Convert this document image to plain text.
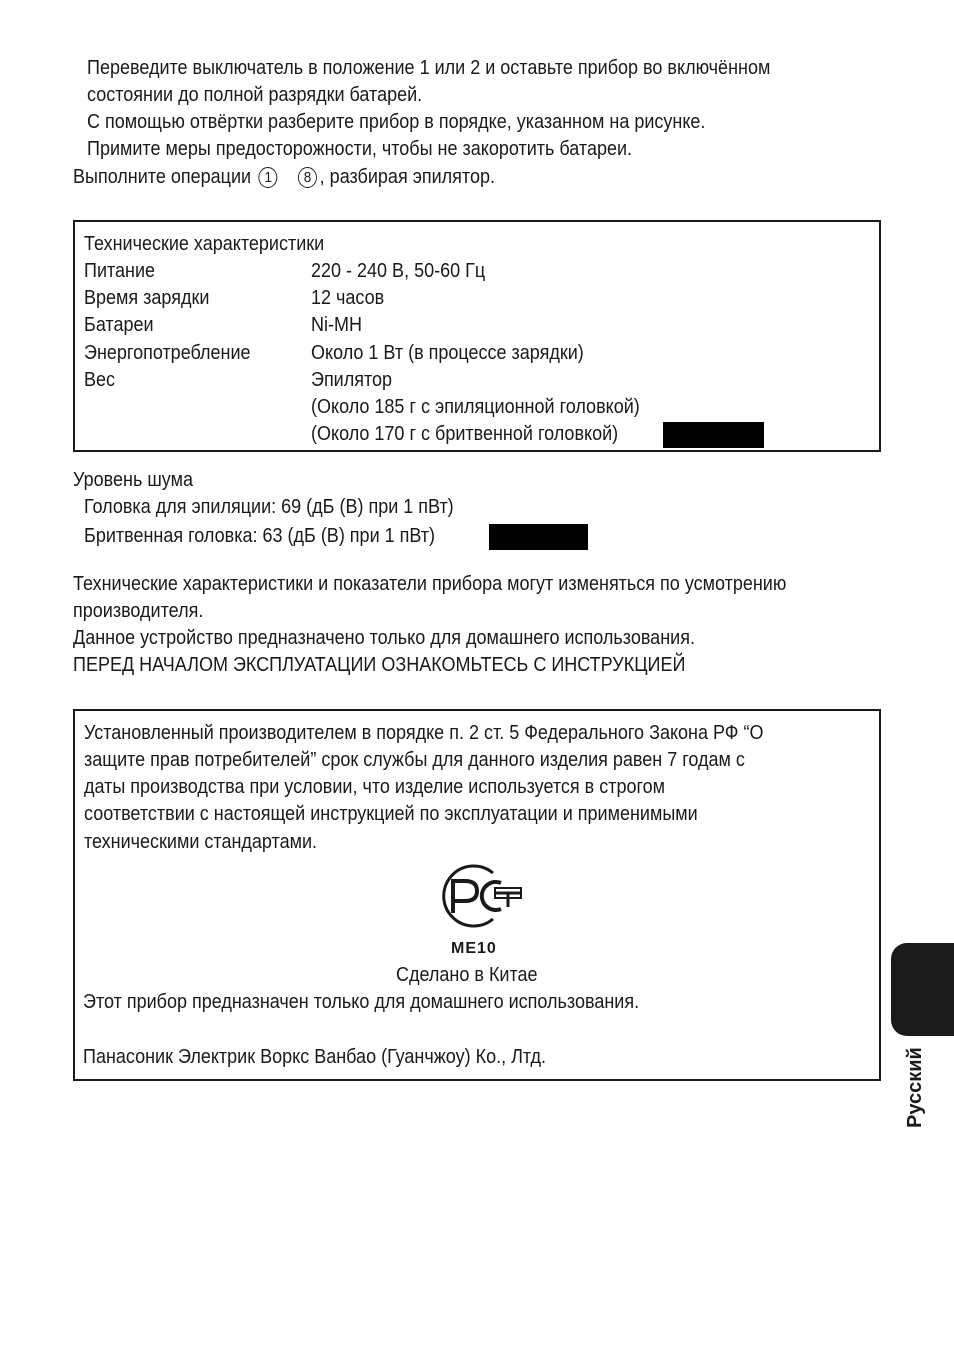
Переведите выключатель в положение 1 или 2 и оставьте прибор во включённом
состоянии до полной разрядки батарей.
С помощью отвёртки разберите прибор в порядке, указанном на рисунке.
Примите меры предосторожности, чтобы не закоротить батареи.
Выполните операции 1 8 , разбирая эпилятор.
Технические характеристики
Питание	220 - 240 В, 50-60 Гц
Время зарядки	12 часов
Батареи	Ni-MH
Энергопотребление	Около 1 Вт (в процессе зарядки)
Вес	Эпилятор
(Около 185 г с эпиляционной головкой)
(Около 170 г с бритвенной головкой)
Уровень шума
Головка для эпиляции: 69 (дБ (В) при 1 пВт)
Бритвенная головка: 63 (дБ (В) при 1 пВт)
Технические характеристики и показатели прибора могут изменяться по усмотрению
производителя.
Данное устройство предназначено только для домашнего использования.
ПЕРЕД НАЧАЛОМ ЭКСПЛУАТАЦИИ ОЗНАКОМЬТЕСЬ С ИНСТРУКЦИЕЙ
Установленный производителем в порядке п. 2 ст. 5 Федерального Закона РФ “О
защите прав потребителей” срок службы для данного изделия равен 7 годам с
даты производства при условии, что изделие используется в строгом
соответствии с настоящей инструкцией по эксплуатации и применимыми
техническими стандартами.
ME10
Сделано в Китае
Этот прибор предназначен только для домашнего использования.
Панасоник Электрик Воркс Ванбао (Гуанчжоу) Ко., Лтд.	Русский
